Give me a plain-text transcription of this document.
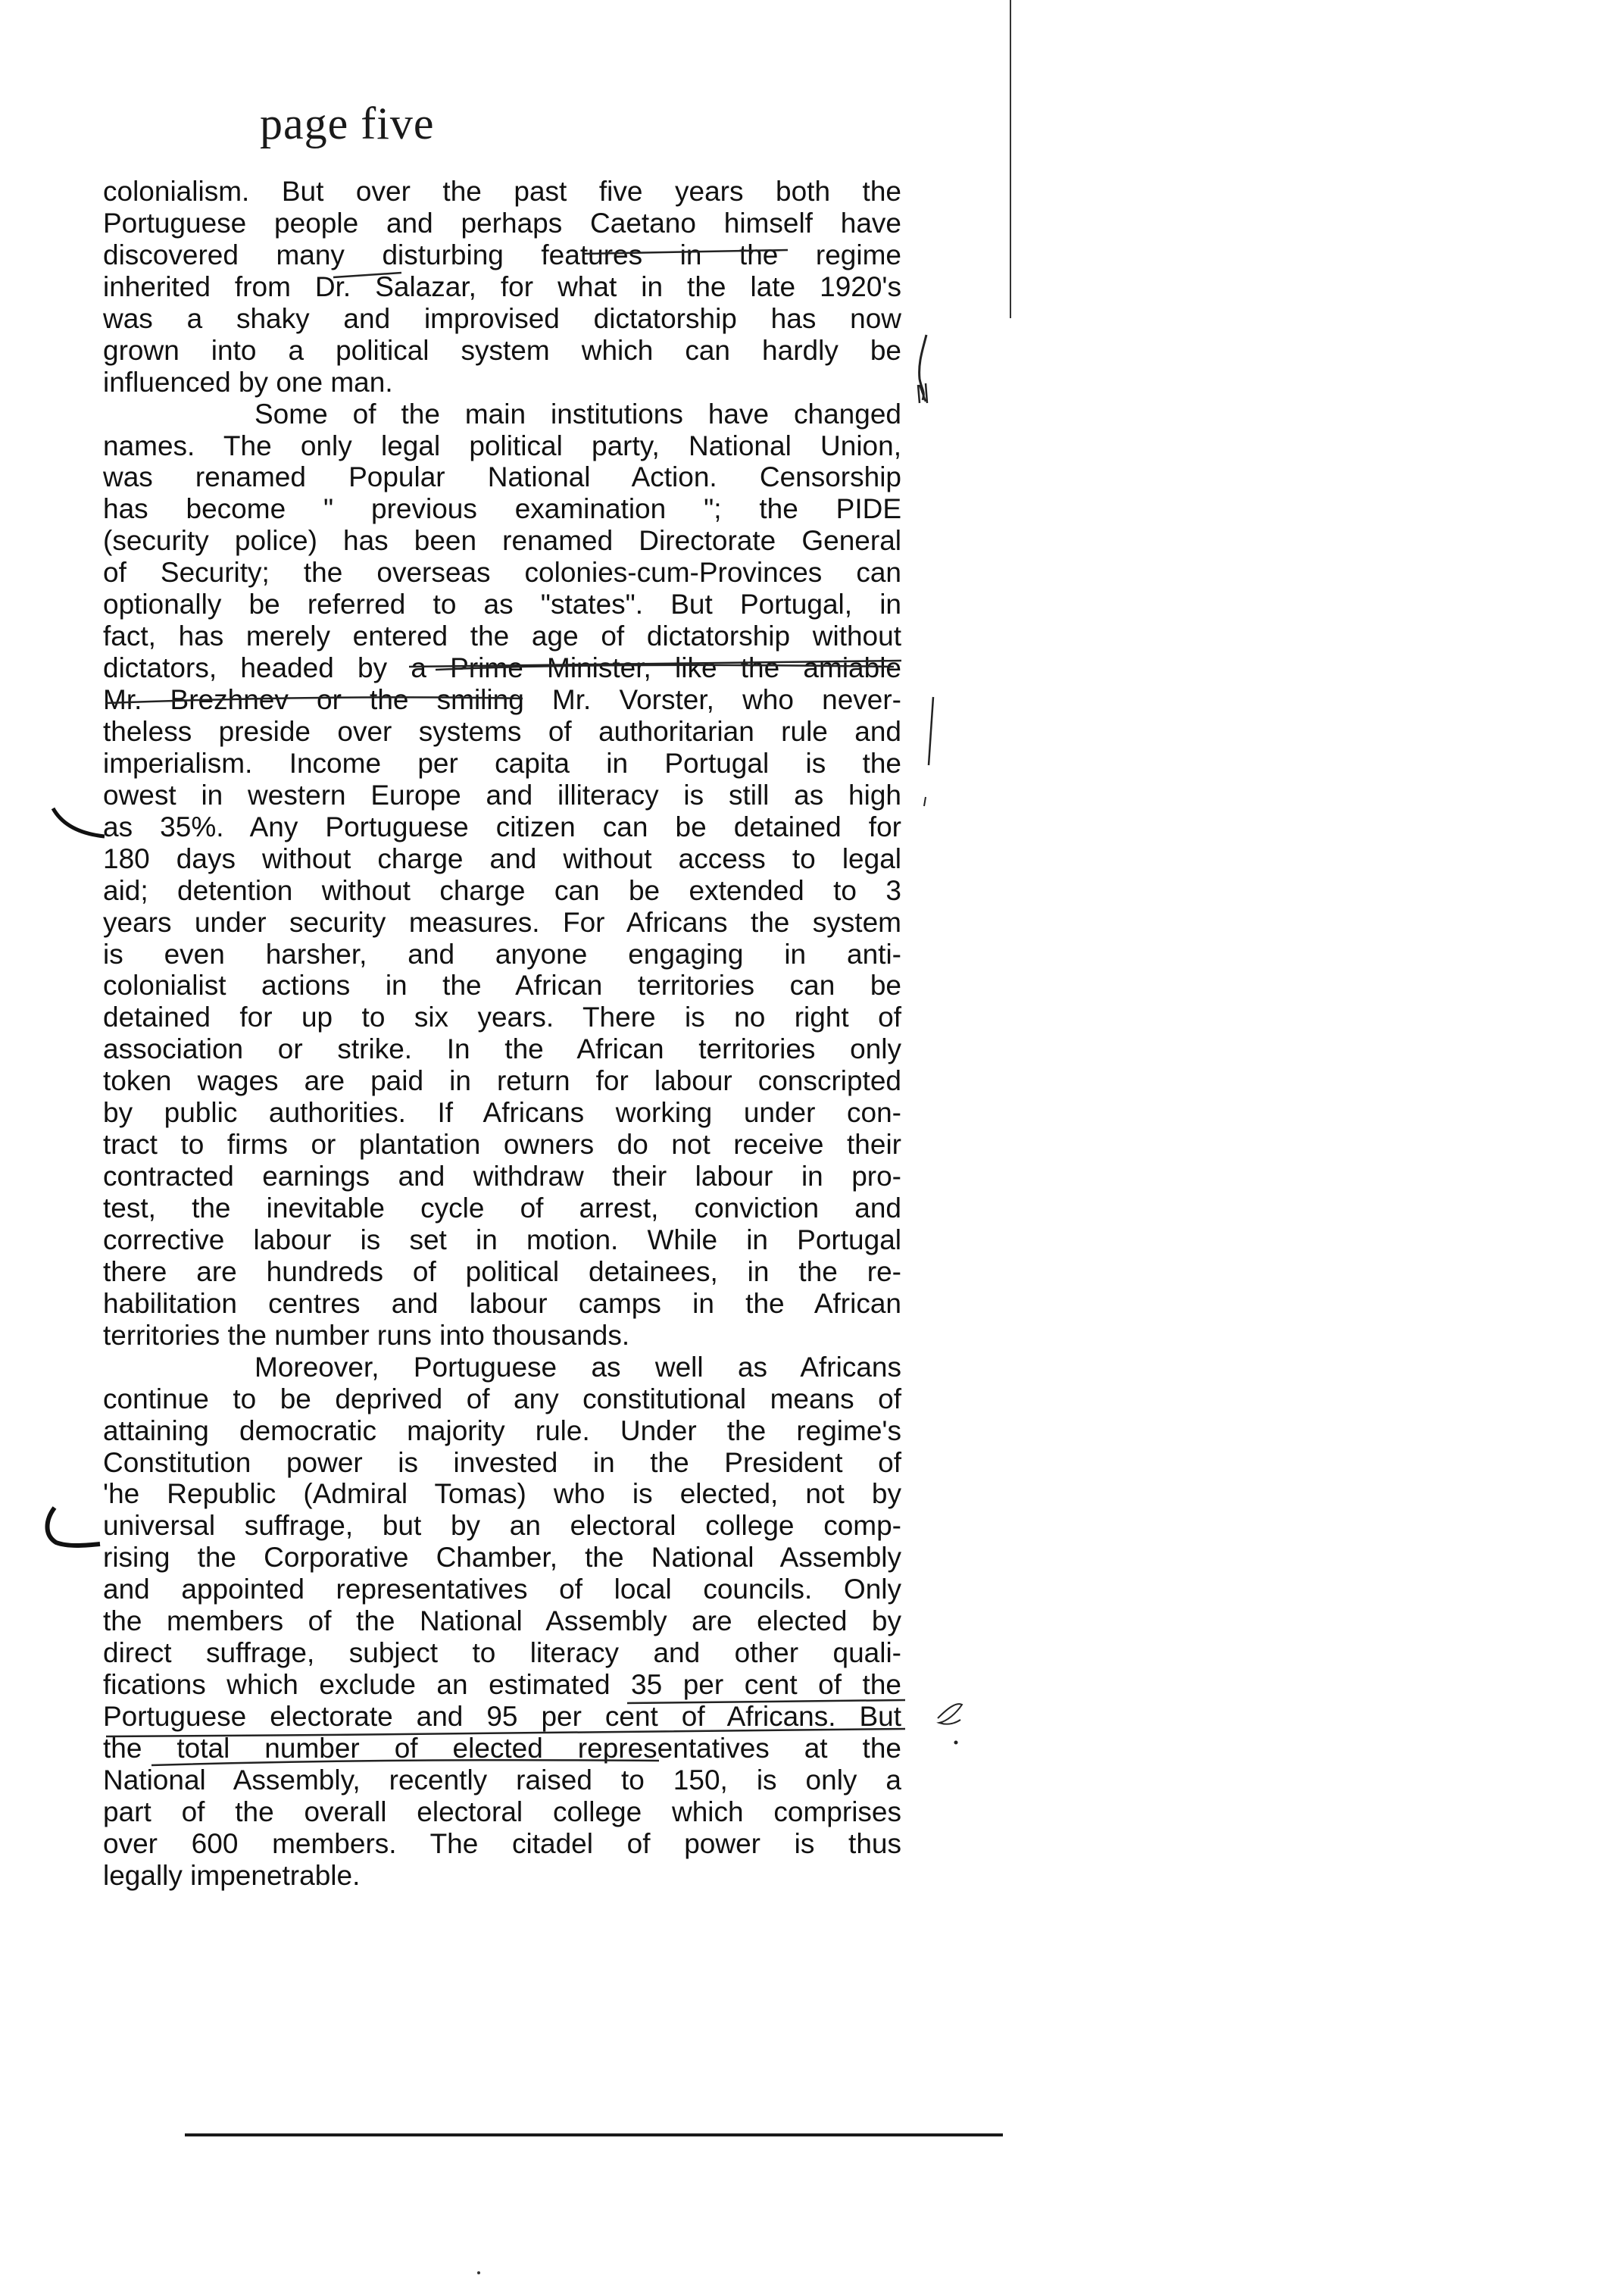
page five

colonialism. But over the past five years both the
Portuguese people and perhaps Caetano himself have
discovered many disturbing features in the regime
inherited from Dr. Salazar, for what in the late 1920's
was a shaky and improvised dictatorship has now
grown into a political system which can hardly be
influenced by one man.

Some of the main institutions have changed
names. The only legal political party, National Union,
was renamed Popular National Action. Censorship
has become " previous examination "; the PIDE
(security police) has been renamed Directorate General
of Security; the overseas colonies-cum-Provinces can
optionally be referred to as "states". But Portugal, in
fact, has merely entered the age of dictatorship without
dictators, headed by a Prime Minister, like the amiable
Mr. Brezhnev or the smiling Mr. Vorster, who never-
theless preside over systems of authoritarian rule and
imperialism. Income per capita in Portugal is the
owest in western Europe and illiteracy is still as high
as 35%. Any Portuguese citizen can be detained for
180 days without charge and without access to legal
aid; detention without charge can be extended to 3
years under security measures. For Africans the system
is even harsher, and anyone engaging in anti-
colonialist actions in the African territories can be
detained for up to six years. There is no right of
association or strike. In the African territories only
token wages are paid in return for labour conscripted
by public authorities. If Africans working under con-
tract to firms or plantation owners do not receive their
contracted earnings and withdraw their labour in pro-
test, the inevitable cycle of arrest, conviction and
corrective labour is set in motion. While in Portugal
there are hundreds of political detainees, in the re-
habilitation centres and labour camps in the African
territories the number runs into thousands.

Moreover, Portuguese as well as Africans
continue to be deprived of any constitutional means of
attaining democratic majority rule. Under the regime's
Constitution power is invested in the President of
'he Republic (Admiral Tomas) who is elected, not by
universal suffrage, but by an electoral college comp-
rising the Corporative Chamber, the National Assembly
and appointed representatives of local councils. Only
the members of the National Assembly are elected by
direct suffrage, subject to literacy and other quali-
fications which exclude an estimated 35 per cent of the
Portuguese electorate and 95 per cent of Africans. But
the total number of elected representatives at the
National Assembly, recently raised to 150, is only a
part of the overall electoral college which comprises
over 600 members. The citadel of power is thus
legally impenetrable.
